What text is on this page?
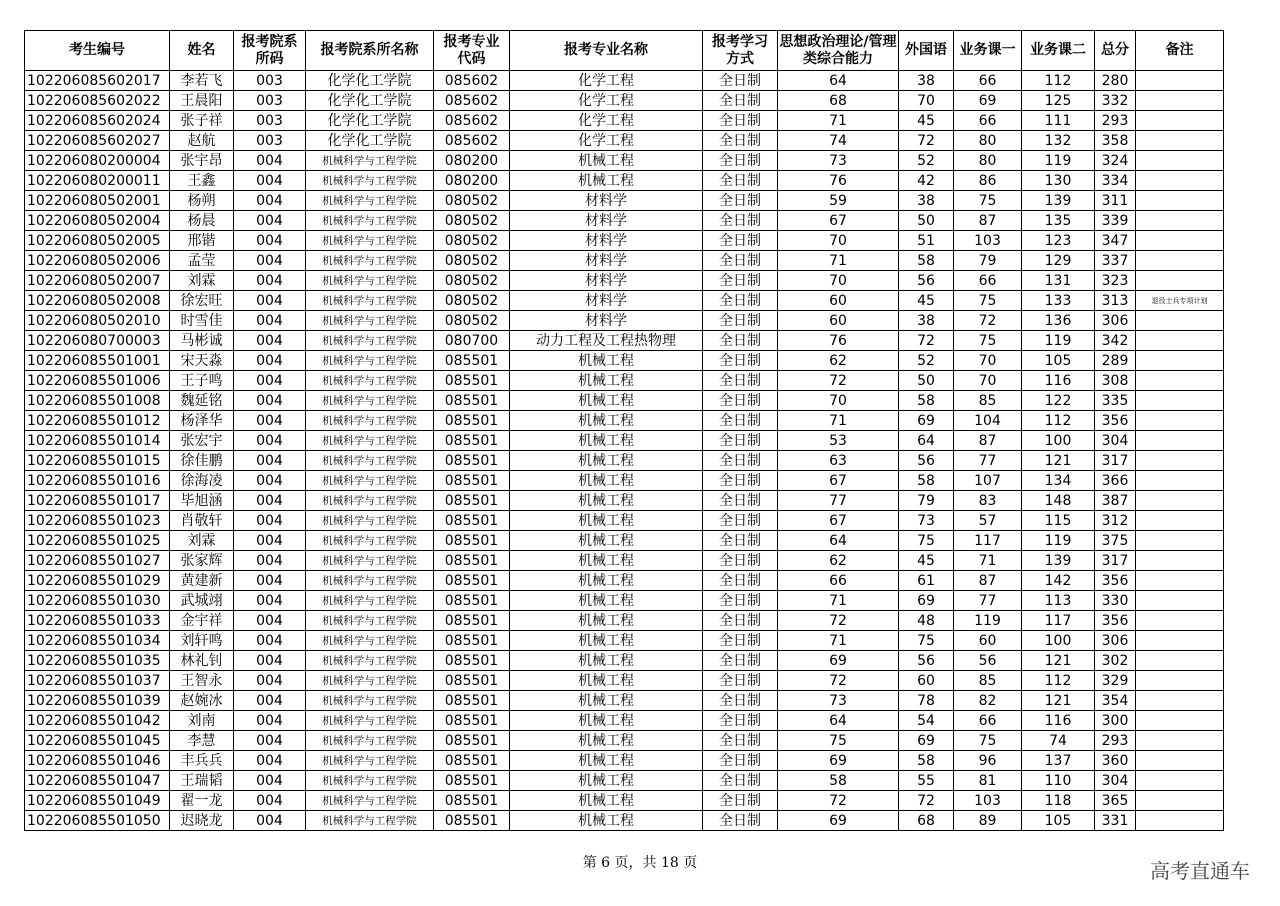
考生编号	姓名	报考院系所码	报考院系所名称	报考专业代码	报考专业名称	报考学习方式	思想政治理论/管理类综合能力	外国语	业务课一	业务课二	总分	备注
102206085602017	李若飞	003	化学化工学院	085602	化学工程	全日制	64	38	66	112	280	
102206085602022	王晨阳	003	化学化工学院	085602	化学工程	全日制	68	70	69	125	332	
102206085602024	张子祥	003	化学化工学院	085602	化学工程	全日制	71	45	66	111	293	
102206085602027	赵航	003	化学化工学院	085602	化学工程	全日制	74	72	80	132	358	
102206080200004	张宇昂	004	机械科学与工程学院	080200	机械工程	全日制	73	52	80	119	324	
102206080200011	王鑫	004	机械科学与工程学院	080200	机械工程	全日制	76	42	86	130	334	
102206080502001	杨朔	004	机械科学与工程学院	080502	材料学	全日制	59	38	75	139	311	
102206080502004	杨晨	004	机械科学与工程学院	080502	材料学	全日制	67	50	87	135	339	
102206080502005	邢锴	004	机械科学与工程学院	080502	材料学	全日制	70	51	103	123	347	
102206080502006	孟莹	004	机械科学与工程学院	080502	材料学	全日制	71	58	79	129	337	
102206080502007	刘霖	004	机械科学与工程学院	080502	材料学	全日制	70	56	66	131	323	
102206080502008	徐宏旺	004	机械科学与工程学院	080502	材料学	全日制	60	45	75	133	313	退役士兵专项计划
102206080502010	时雪佳	004	机械科学与工程学院	080502	材料学	全日制	60	38	72	136	306	
102206080700003	马彬诚	004	机械科学与工程学院	080700	动力工程及工程热物理	全日制	76	72	75	119	342	
102206085501001	宋天淼	004	机械科学与工程学院	085501	机械工程	全日制	62	52	70	105	289	
102206085501006	王子鸣	004	机械科学与工程学院	085501	机械工程	全日制	72	50	70	116	308	
102206085501008	魏延铭	004	机械科学与工程学院	085501	机械工程	全日制	70	58	85	122	335	
102206085501012	杨泽华	004	机械科学与工程学院	085501	机械工程	全日制	71	69	104	112	356	
102206085501014	张宏宇	004	机械科学与工程学院	085501	机械工程	全日制	53	64	87	100	304	
102206085501015	徐佳鹏	004	机械科学与工程学院	085501	机械工程	全日制	63	56	77	121	317	
102206085501016	徐海凌	004	机械科学与工程学院	085501	机械工程	全日制	67	58	107	134	366	
102206085501017	毕旭涵	004	机械科学与工程学院	085501	机械工程	全日制	77	79	83	148	387	
102206085501023	肖敬轩	004	机械科学与工程学院	085501	机械工程	全日制	67	73	57	115	312	
102206085501025	刘霖	004	机械科学与工程学院	085501	机械工程	全日制	64	75	117	119	375	
102206085501027	张家辉	004	机械科学与工程学院	085501	机械工程	全日制	62	45	71	139	317	
102206085501029	黄建新	004	机械科学与工程学院	085501	机械工程	全日制	66	61	87	142	356	
102206085501030	武城翊	004	机械科学与工程学院	085501	机械工程	全日制	71	69	77	113	330	
102206085501033	金宇祥	004	机械科学与工程学院	085501	机械工程	全日制	72	48	119	117	356	
102206085501034	刘轩鸣	004	机械科学与工程学院	085501	机械工程	全日制	71	75	60	100	306	
102206085501035	林礼钊	004	机械科学与工程学院	085501	机械工程	全日制	69	56	56	121	302	
102206085501037	王智永	004	机械科学与工程学院	085501	机械工程	全日制	72	60	85	112	329	
102206085501039	赵婉冰	004	机械科学与工程学院	085501	机械工程	全日制	73	78	82	121	354	
102206085501042	刘南	004	机械科学与工程学院	085501	机械工程	全日制	64	54	66	116	300	
102206085501045	李慧	004	机械科学与工程学院	085501	机械工程	全日制	75	69	75	74	293	
102206085501046	丰兵兵	004	机械科学与工程学院	085501	机械工程	全日制	69	58	96	137	360	
102206085501047	王瑞韬	004	机械科学与工程学院	085501	机械工程	全日制	58	55	81	110	304	
102206085501049	翟一龙	004	机械科学与工程学院	085501	机械工程	全日制	72	72	103	118	365	
102206085501050	迟晓龙	004	机械科学与工程学院	085501	机械工程	全日制	69	68	89	105	331	
第 6 页，共 18 页	高考直通车
